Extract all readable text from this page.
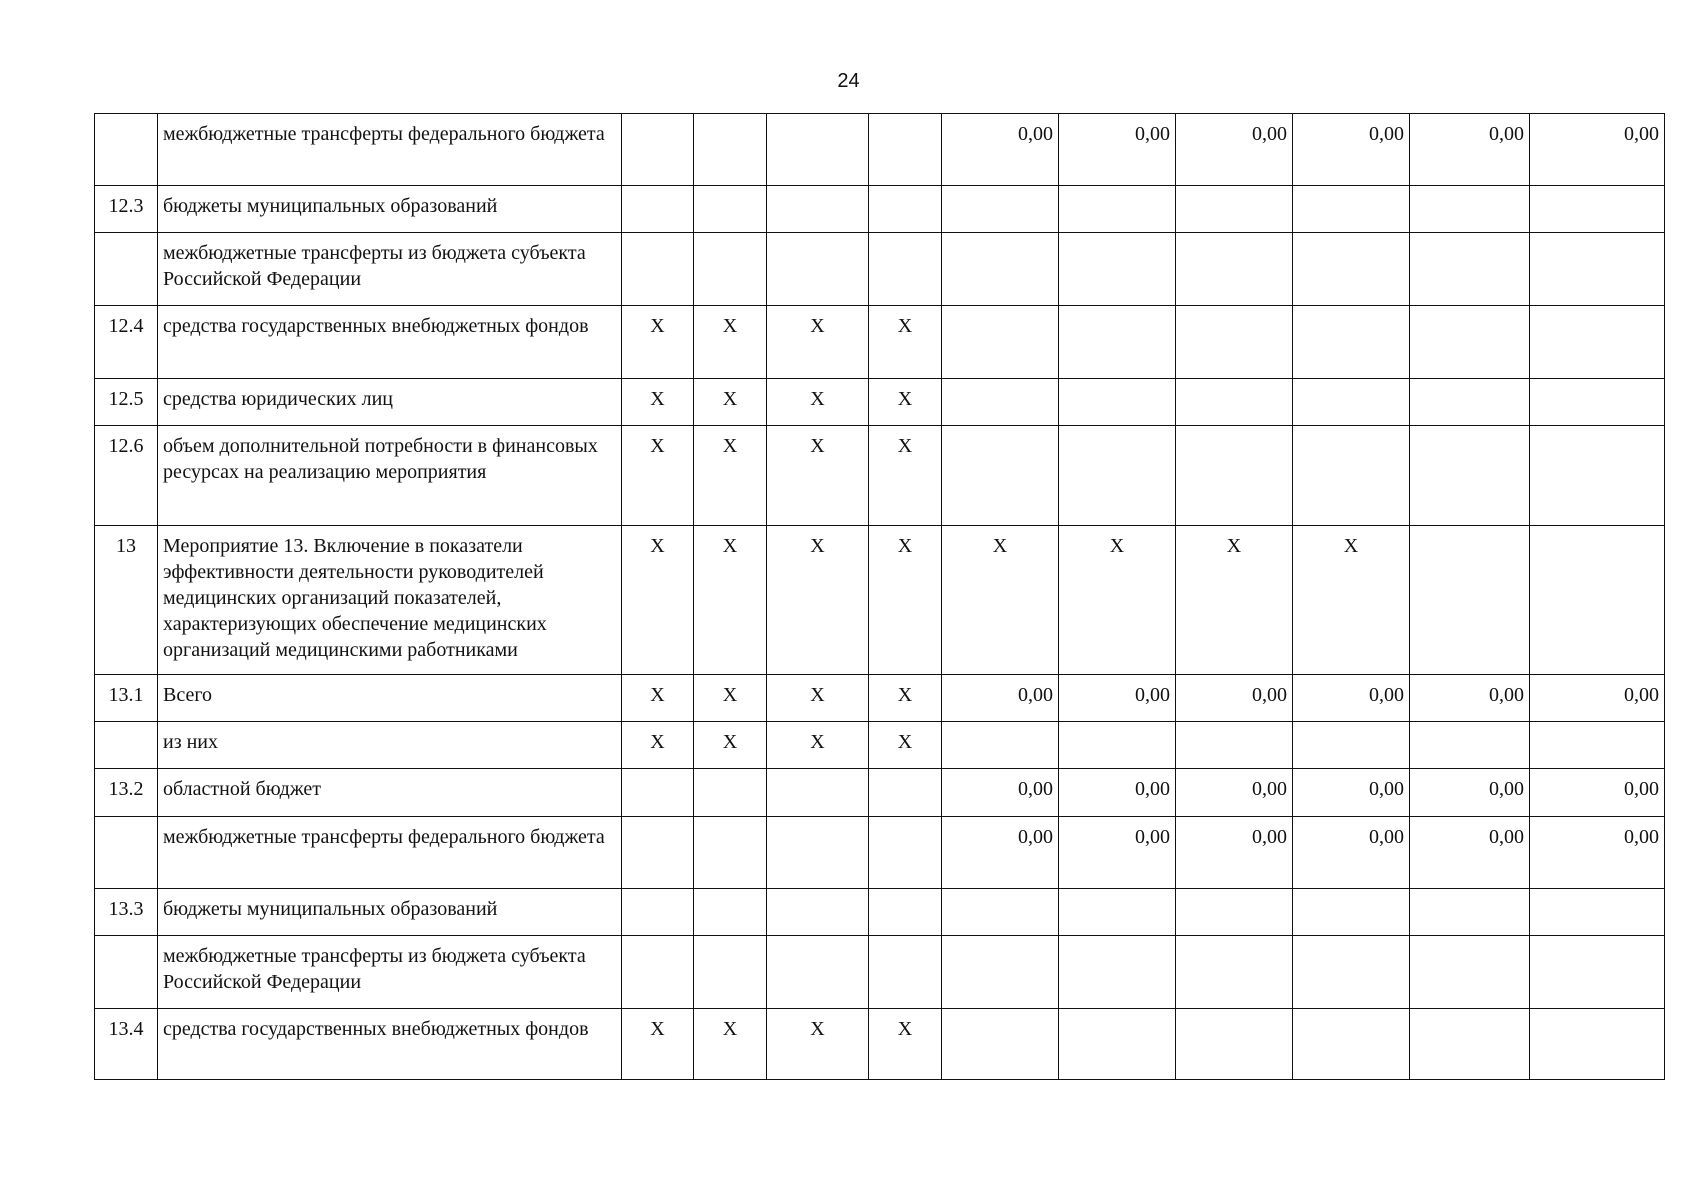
24
	межбюджетные трансферты федерального бюджета					0,00	0,00	0,00	0,00	0,00	0,00
12.3	бюджеты муниципальных образований										
	межбюджетные трансферты из бюджета субъекта Российской Федерации										
12.4	средства государственных внебюджетных фондов	X	X	X	X						
12.5	средства юридических лиц	X	X	X	X						
12.6	объем дополнительной потребности в финансовых ресурсах на реализацию мероприятия	X	X	X	X						
13	Мероприятие 13. Включение в показатели эффективности деятельности руководителей медицинских организаций показателей, характеризующих обеспечение медицинских организаций медицинскими работниками	X	X	X	X	X	X	X	X		
13.1	Всего	X	X	X	X	0,00	0,00	0,00	0,00	0,00	0,00
	из них	X	X	X	X						
13.2	областной бюджет					0,00	0,00	0,00	0,00	0,00	0,00
	межбюджетные трансферты федерального бюджета					0,00	0,00	0,00	0,00	0,00	0,00
13.3	бюджеты муниципальных образований										
	межбюджетные трансферты из бюджета субъекта Российской Федерации										
13.4	средства государственных внебюджетных фондов	X	X	X	X						
